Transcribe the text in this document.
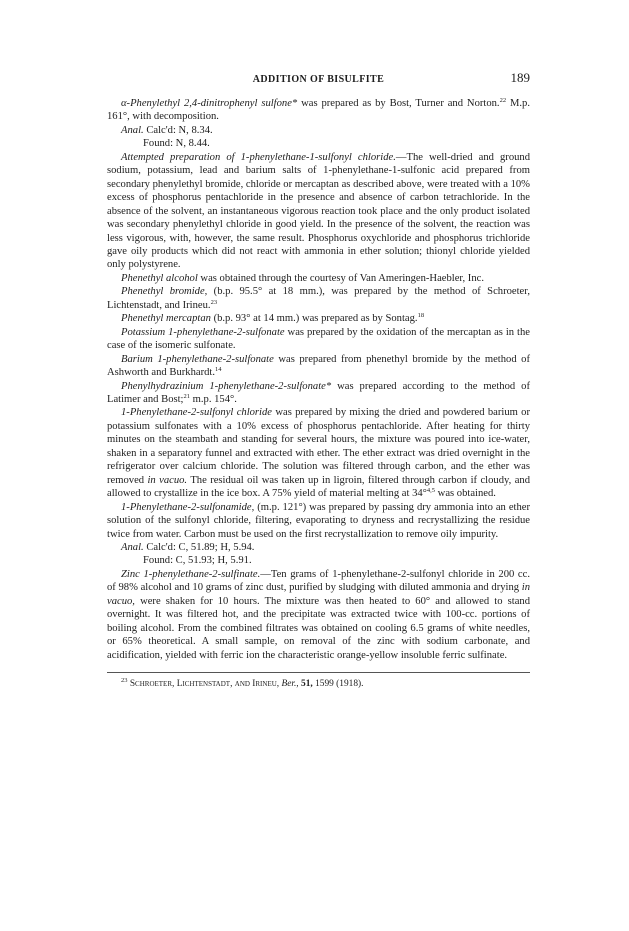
ADDITION OF BISULFITE	189

α-Phenylethyl 2,4-dinitrophenyl sulfone* was prepared as by Bost, Turner and Norton.$^{22}$ M.p. 161°, with decomposition.

Anal. Calc'd: N, 8.34.

Found: N, 8.44.

Attempted preparation of 1-phenylethane-1-sulfonyl chloride.—The well-dried and ground sodium, potassium, lead and barium salts of 1-phenylethane-1-sulfonic acid prepared from secondary phenylethyl bromide, chloride or mercaptan as described above, were treated with a 10% excess of phosphorus pentachloride in the presence and absence of carbon tetrachloride. In the absence of the solvent, an instantaneous vigorous reaction took place and the only product isolated was secondary phenylethyl chloride in good yield. In the presence of the solvent, the reaction was less vigorous, with, however, the same result. Phosphorus oxychloride and phosphorus trichloride gave oily products which did not react with ammonia in ether solution; thionyl chloride yielded only polystyrene.

Phenethyl alcohol was obtained through the courtesy of Van Ameringen-Haebler, Inc.

Phenethyl bromide, (b.p. 95.5° at 18 mm.), was prepared by the method of Schroeter, Lichtenstadt, and Irineu.$^{23}$

Phenethyl mercaptan (b.p. 93° at 14 mm.) was prepared as by Sontag.$^{18}$

Potassium 1-phenylethane-2-sulfonate was prepared by the oxidation of the mercaptan as in the case of the isomeric sulfonate.

Barium 1-phenylethane-2-sulfonate was prepared from phenethyl bromide by the method of Ashworth and Burkhardt.$^{14}$

Phenylhydrazinium 1-phenylethane-2-sulfonate* was prepared according to the method of Latimer and Bost;$^{21}$ m.p. 154°.

1-Phenylethane-2-sulfonyl chloride was prepared by mixing the dried and powdered barium or potassium sulfonates with a 10% excess of phosphorus pentachloride. After heating for thirty minutes on the steambath and standing for several hours, the mixture was poured into ice-water, shaken in a separatory funnel and extracted with ether. The ether extract was dried overnight in the refrigerator over calcium chloride. The solution was filtered through carbon, and the ether was removed in vacuo. The residual oil was taken up in ligroin, filtered through carbon if cloudy, and allowed to crystallize in the ice box. A 75% yield of material melting at 34°$^{4,5}$ was obtained.

1-Phenylethane-2-sulfonamide, (m.p. 121°) was prepared by passing dry ammonia into an ether solution of the sulfonyl chloride, filtering, evaporating to dryness and recrystallizing the residue twice from water. Carbon must be used on the first recrystallization to remove oily impurity.

Anal. Calc'd: C, 51.89; H, 5.94.

Found: C, 51.93; H, 5.91.

Zinc 1-phenylethane-2-sulfinate.—Ten grams of 1-phenylethane-2-sulfonyl chloride in 200 cc. of 98% alcohol and 10 grams of zinc dust, purified by sludging with diluted ammonia and drying in vacuo, were shaken for 10 hours. The mixture was then heated to 60° and allowed to stand overnight. It was filtered hot, and the precipitate was extracted twice with 100-cc. portions of boiling alcohol. From the combined filtrates was obtained on cooling 6.5 grams of white needles, or 65% theoretical. A small sample, on removal of the zinc with sodium carbonate, and acidification, yielded with ferric ion the characteristic orange-yellow insoluble ferric sulfinate.

$^{23}$ Schroeter, Lichtenstadt, and Irineu, Ber., 51, 1599 (1918).
